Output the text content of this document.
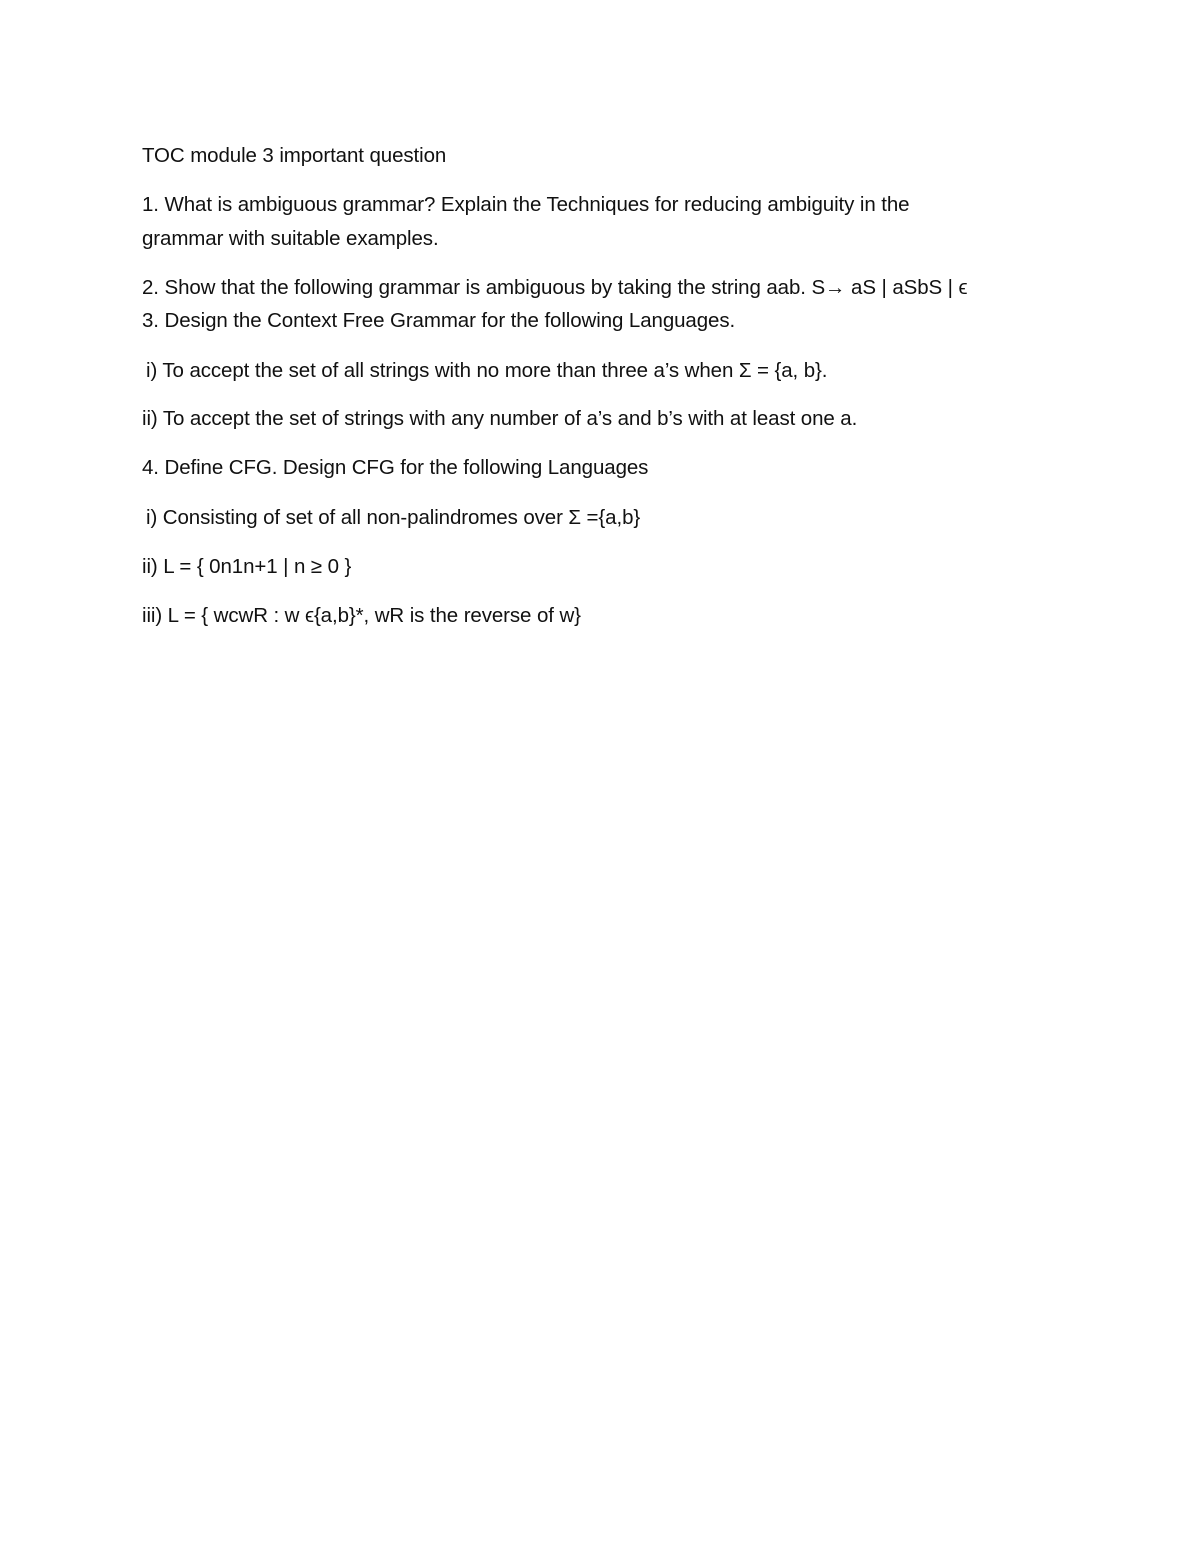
TOC module 3 important question
1. What is ambiguous grammar? Explain the Techniques for reducing ambiguity in the
grammar with suitable examples.
2. Show that the following grammar is ambiguous by taking the string aab. S→ aS | aSbS | ϵ
3. Design the Context Free Grammar for the following Languages.
i) To accept the set of all strings with no more than three a’s when Σ = {a, b}.
ii) To accept the set of strings with any number of a’s and b’s with at least one a.
4. Define CFG. Design CFG for the following Languages
i) Consisting of set of all non-palindromes over Σ ={a,b}
ii) L = { 0n1n+1 | n ≥ 0 }
iii) L = { wcwR : w ϵ{a,b}*, wR is the reverse of w}
